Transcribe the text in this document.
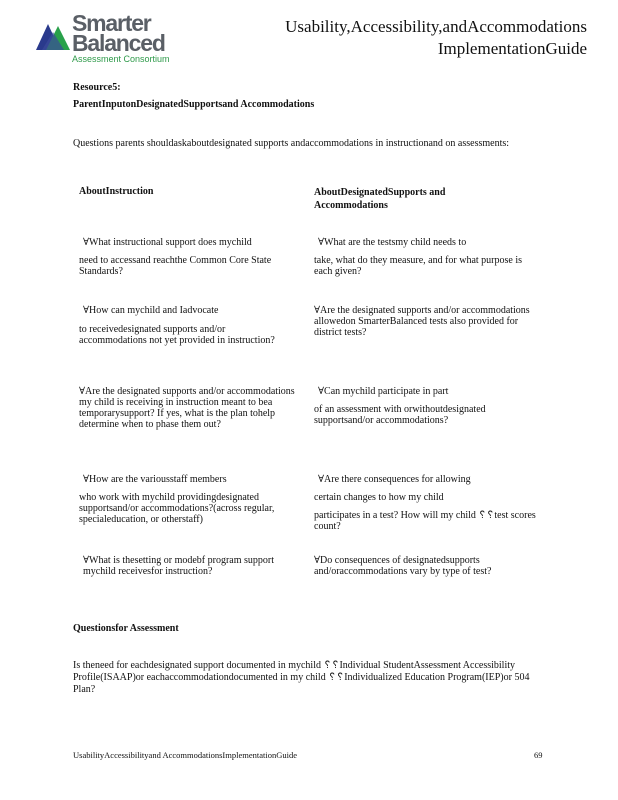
Smarter
Balanced
Assessment Consortium
Usability,Accessibility,andAccommodations
ImplementationGuide
Resource5:
ParentInputonDesignatedSupportsand Accommodations
Questions parents shouldaskaboutdesignated supports andaccommodations in instructionand on assessments:
AboutInstruction	AboutDesignatedSupports and Accommodations
∀What instructional support does mychild
need to accessand reachthe Common Core State Standards?
∀How can mychild and Iadvocate
to receivedesignated supports and/or accommodations not yet provided in instruction?
∀Are the designated supports and/or accommodations my child is receiving in instruction meant to bea temporarysupport? If yes, what is the plan tohelp determine when to phase them out?
∀How are the variousstaff members
who work with mychild providingdesignated supportsand/or accommodations?(across regular, specialeducation, or otherstaff)
∀What is thesetting or modebf program support mychild receivesfor instruction?
∀What are the testsmy child needs to
take, what do they measure, and for what purpose is each given?
∀Are the designated supports and/or accommodations allowedon SmarterBalanced tests also provided for district tests?
∀Can mychild participate in part
of an assessment with orwithoutdesignated supportsand/or accommodations?
∀Are there consequences for allowing
certain changes to how my child
participates in a test? How will my child ␦␦test scores count?
∀Do consequences of designatedsupports and/oraccommodations vary by type of test?
Questionsfor Assessment
Is theneed for eachdesignated support documented in mychild ␦␦Individual StudentAssessment Accessibility Profile(ISAAP)or eachaccommodationdocumented in my child ␦␦Individualized Education Program(IEP)or 504 Plan?
UsabilityAccessibilityand AccommodationsImplementationGuide	69
